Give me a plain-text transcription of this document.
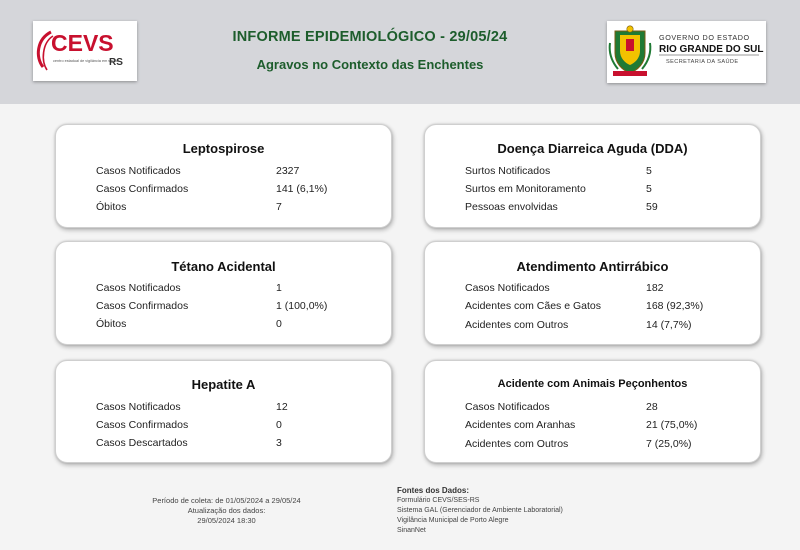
CEVS
centro estadual de vigilância em saúde
RS
INFORME EPIDEMIOLÓGICO - 29/05/24
Agravos no Contexto das Enchentes
GOVERNO DO ESTADO
RIO GRANDE DO SUL
SECRETARIA DA SAÚDE
Leptospirose
Casos Notificados	2327
Casos Confirmados	141 (6,1%)
Óbitos	7
Doença Diarreica Aguda (DDA)
Surtos Notificados	5
Surtos em Monitoramento	5
Pessoas envolvidas	59
Tétano Acidental
Casos Notificados	1
Casos Confirmados	1 (100,0%)
Óbitos	0
Atendimento Antirrábico
Casos Notificados	182
Acidentes com Cães e Gatos	168 (92,3%)
Acidentes com Outros	14 (7,7%)
Hepatite A
Casos Notificados	12
Casos Confirmados	0
Casos Descartados	3
Acidente com Animais Peçonhentos
Casos Notificados	28
Acidentes com Aranhas	21 (75,0%)
Acidentes com Outros	7 (25,0%)
Período de coleta: de 01/05/2024 a 29/05/24
Atualização dos dados:
29/05/2024 18:30
Fontes dos Dados:
Formulário CEVS/SES-RS
Sistema GAL (Gerenciador de Ambiente Laboratorial)
Vigilância Municipal de Porto Alegre
SinanNet
